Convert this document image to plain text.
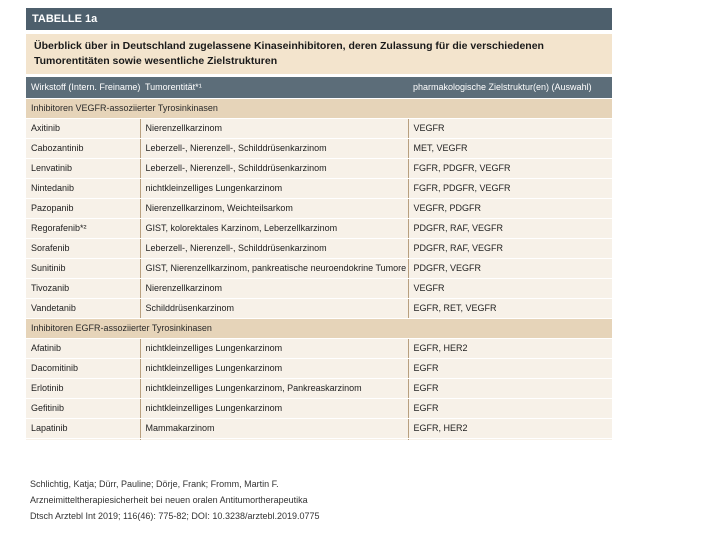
TABELLE 1a
Überblick über in Deutschland zugelassene Kinaseinhibitoren, deren Zulassung für die verschiedenen Tumorentitäten sowie wesentliche Zielstrukturen
Wirkstoff (Intern. Freiname)	Tumorentität*¹	pharmakologische Zielstruktur(en) (Auswahl)
Inhibitoren VEGFR-assoziierter Tyrosinkinasen		
Axitinib	Nierenzellkarzinom	VEGFR
Cabozantinib	Leberzell-, Nierenzell-, Schilddrüsenkarzinom	MET, VEGFR
Lenvatinib	Leberzell-, Nierenzell-, Schilddrüsenkarzinom	FGFR, PDGFR, VEGFR
Nintedanib	nichtkleinzelliges Lungenkarzinom	FGFR, PDGFR, VEGFR
Pazopanib	Nierenzellkarzinom, Weichteilsarkom	VEGFR, PDGFR
Regorafenib*²	GIST, kolorektales Karzinom, Leberzellkarzinom	PDGFR, RAF, VEGFR
Sorafenib	Leberzell-, Nierenzell-, Schilddrüsenkarzinom	PDGFR, RAF, VEGFR
Sunitinib	GIST, Nierenzellkarzinom, pankreatische neuroendokrine Tumore	PDGFR, VEGFR
Tivozanib	Nierenzellkarzinom	VEGFR
Vandetanib	Schilddrüsenkarzinom	EGFR, RET, VEGFR
Inhibitoren EGFR-assoziierter Tyrosinkinasen		
Afatinib	nichtkleinzelliges Lungenkarzinom	EGFR, HER2
Dacomitinib	nichtkleinzelliges Lungenkarzinom	EGFR
Erlotinib	nichtkleinzelliges Lungenkarzinom, Pankreaskarzinom	EGFR
Gefitinib	nichtkleinzelliges Lungenkarzinom	EGFR
Lapatinib	Mammakarzinom	EGFR, HER2

Schlichtig, Katja; Dürr, Pauline; Dörje, Frank; Fromm, Martin F.
Arzneimitteltherapiesicherheit bei neuen oralen Antitumortherapeutika
Dtsch Arztebl Int 2019; 116(46): 775-82; DOI: 10.3238/arztebl.2019.0775
